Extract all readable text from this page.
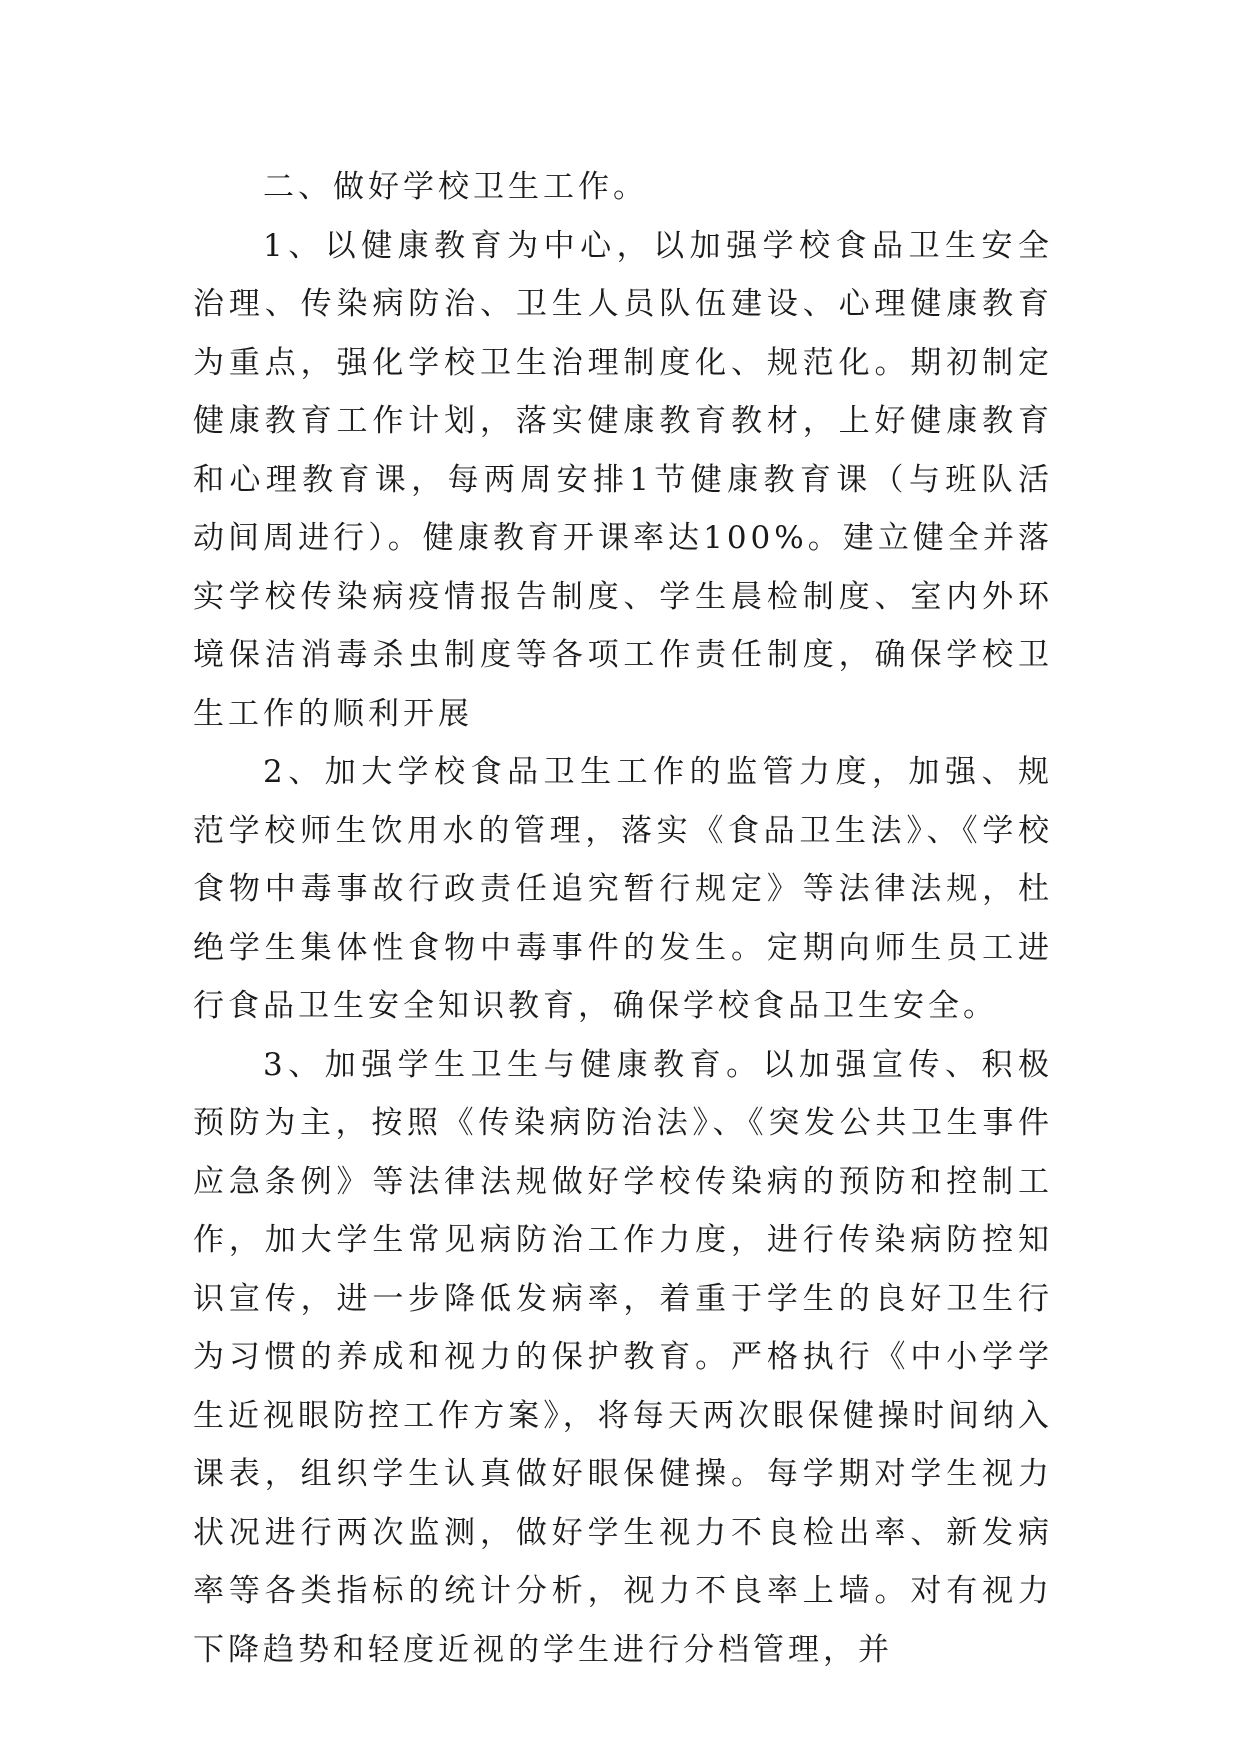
二、做好学校卫生工作。

1、以健康教育为中心，以加强学校食品卫生安全治理、传染病防治、卫生人员队伍建设、心理健康教育为重点，强化学校卫生治理制度化、规范化。期初制定健康教育工作计划，落实健康教育教材，上好健康教育和心理教育课，每两周安排1节健康教育课（与班队活动间周进行）。健康教育开课率达100%。建立健全并落实学校传染病疫情报告制度、学生晨检制度、室内外环境保洁消毒杀虫制度等各项工作责任制度，确保学校卫生工作的顺利开展

2、加大学校食品卫生工作的监管力度，加强、规范学校师生饮用水的管理，落实《食品卫生法》、《学校食物中毒事故行政责任追究暂行规定》等法律法规，杜绝学生集体性食物中毒事件的发生。定期向师生员工进行食品卫生安全知识教育，确保学校食品卫生安全。

3、加强学生卫生与健康教育。以加强宣传、积极预防为主，按照《传染病防治法》、《突发公共卫生事件应急条例》等法律法规做好学校传染病的预防和控制工作，加大学生常见病防治工作力度，进行传染病防控知识宣传，进一步降低发病率，着重于学生的良好卫生行为习惯的养成和视力的保护教育。严格执行《中小学学生近视眼防控工作方案》，将每天两次眼保健操时间纳入课表，组织学生认真做好眼保健操。每学期对学生视力状况进行两次监测，做好学生视力不良检出率、新发病率等各类指标的统计分析，视力不良率上墙。对有视力下降趋势和轻度近视的学生进行分档管理，并
